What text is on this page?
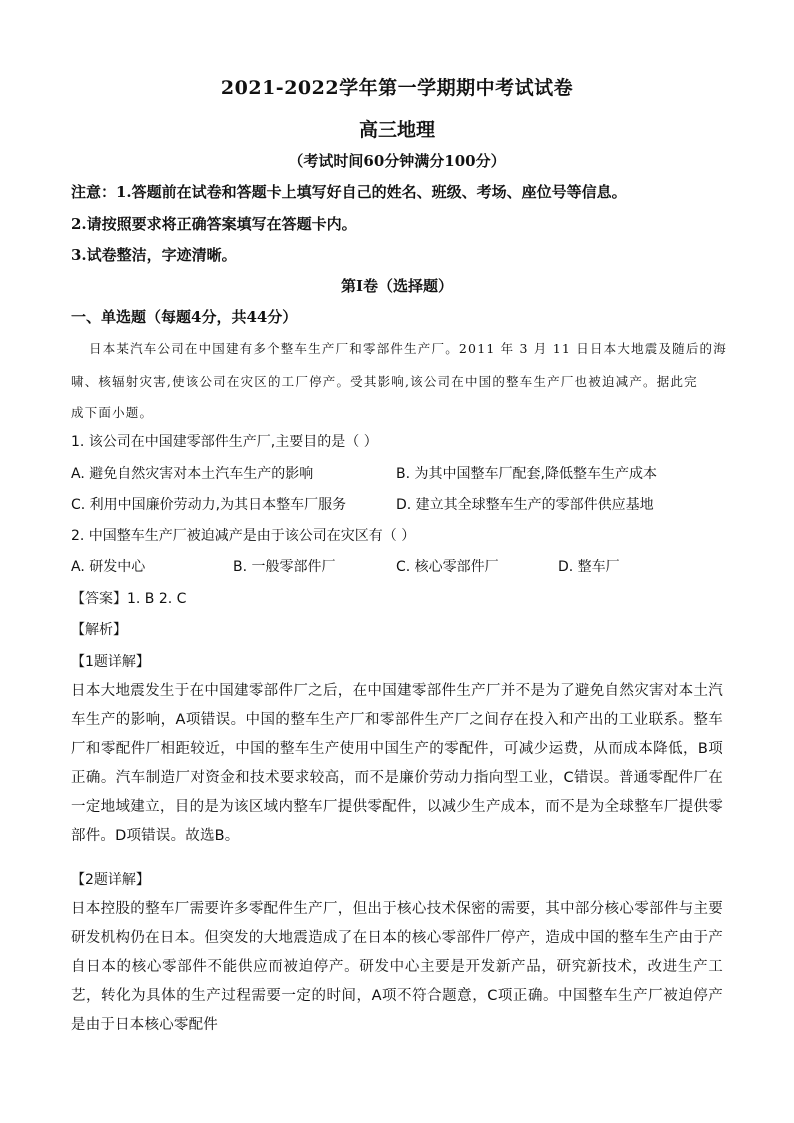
2021-2022学年第一学期期中考试试卷
高三地理
（考试时间60分钟满分100分）
注意：1.答题前在试卷和答题卡上填写好自己的姓名、班级、考场、座位号等信息。
2.请按照要求将正确答案填写在答题卡内。
3.试卷整洁，字迹清晰。
第Ⅰ卷（选择题）
一、单选题（每题4分，共44分）
日本某汽车公司在中国建有多个整车生产厂和零部件生产厂。2011 年 3 月 11 日日本大地震及随后的海
啸、核辐射灾害,使该公司在灾区的工厂停产。受其影响,该公司在中国的整车生产厂也被迫减产。据此完
成下面小题。
1. 该公司在中国建零部件生产厂,主要目的是（ ）
A. 避免自然灾害对本土汽车生产的影响	B. 为其中国整车厂配套,降低整车生产成本
C. 利用中国廉价劳动力,为其日本整车厂服务	D. 建立其全球整车生产的零部件供应基地
2. 中国整车生产厂被迫减产是由于该公司在灾区有（ ）
A. 研发中心	B. 一般零部件厂	C. 核心零部件厂	D. 整车厂
【答案】1. B 2. C
【解析】
【1题详解】
日本大地震发生于在中国建零部件厂之后，在中国建零部件生产厂并不是为了避免自然灾害对本土汽车生产的影响，A项错误。中国的整车生产厂和零部件生产厂之间存在投入和产出的工业联系。整车厂和零配件厂相距较近，中国的整车生产使用中国生产的零配件，可减少运费，从而成本降低，B项正确。汽车制造厂对资金和技术要求较高，而不是廉价劳动力指向型工业，C错误。普通零配件厂在一定地域建立，目的是为该区域内整车厂提供零配件，以减少生产成本，而不是为全球整车厂提供零部件。D项错误。故选B。
【2题详解】
日本控股的整车厂需要许多零配件生产厂，但出于核心技术保密的需要，其中部分核心零部件与主要研发机构仍在日本。但突发的大地震造成了在日本的核心零部件厂停产，造成中国的整车生产由于产自日本的核心零部件不能供应而被迫停产。研发中心主要是开发新产品，研究新技术，改进生产工艺，转化为具体的生产过程需要一定的时间，A项不符合题意，C项正确。中国整车生产厂被迫停产是由于日本核心零配件
